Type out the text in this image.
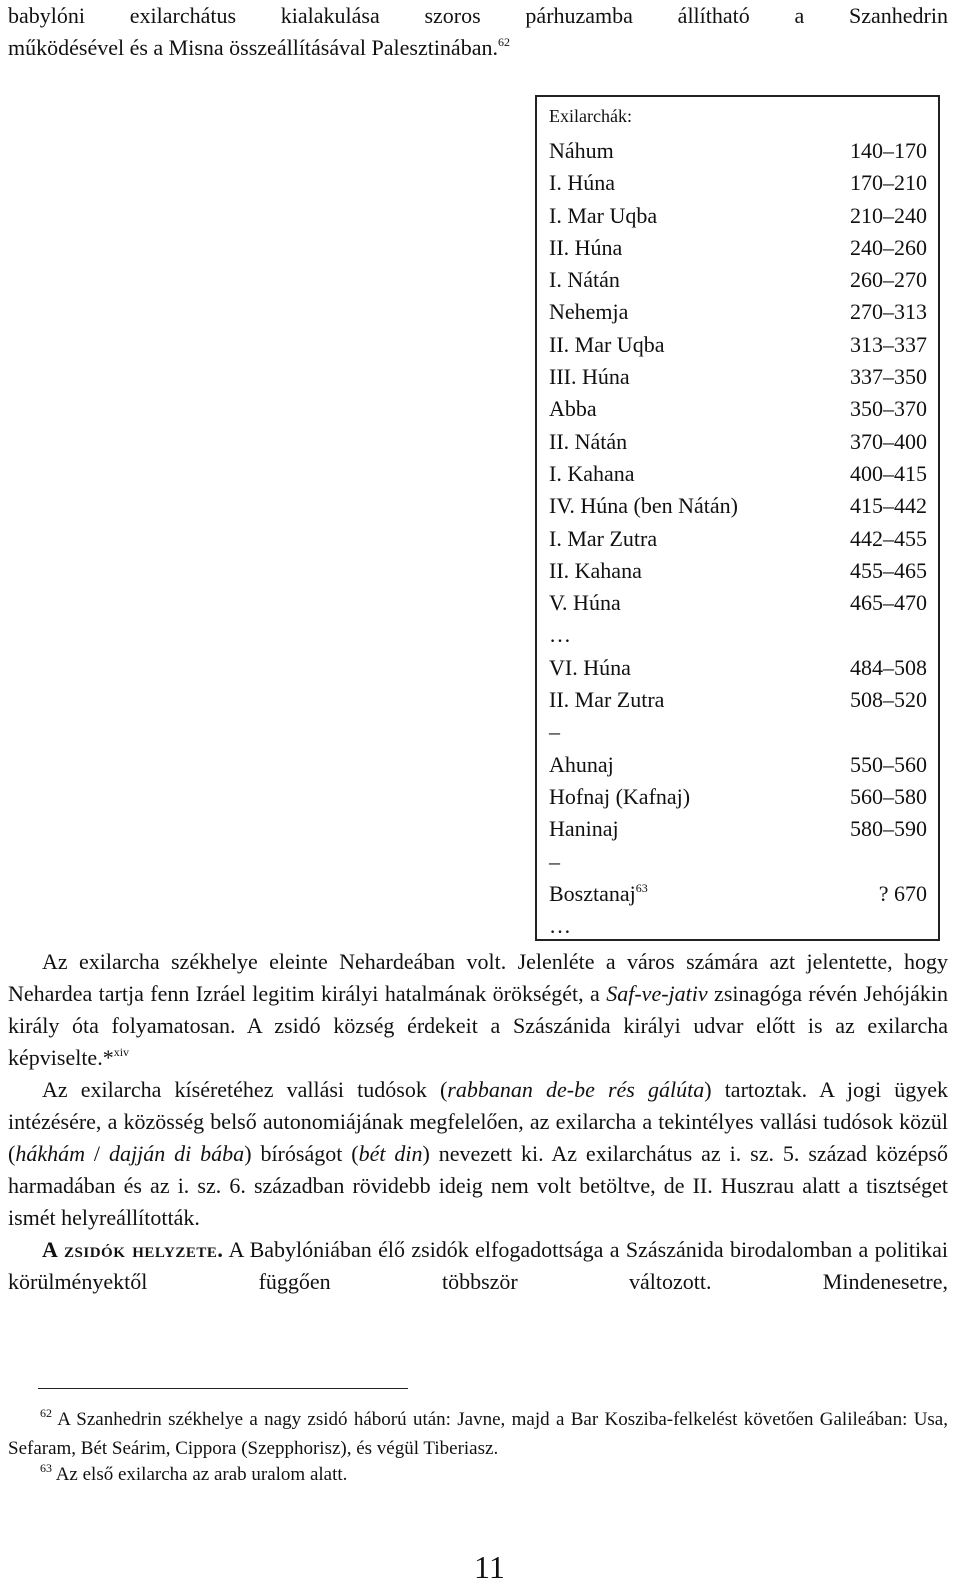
babylóni exilarchátus kialakulása szoros párhuzamba állítható a Szanhedrin
működésével és a Misna összeállításával Palesztinában.$^{62}$
Exilarchák:
Náhum	140–170
I. Húna	170–210
I. Mar Uqba	210–240
II. Húna	240–260
I. Nátán	260–270
Nehemja	270–313
II. Mar Uqba	313–337
III. Húna	337–350
Abba	350–370
II. Nátán	370–400
I. Kahana	400–415
IV. Húna (ben Nátán)	415–442
I. Mar Zutra	442–455
II. Kahana	455–465
V. Húna	465–470
…
VI. Húna	484–508
II. Mar Zutra	508–520
–
Ahunaj	550–560
Hofnaj (Kafnaj)	560–580
Haninaj	580–590
–
Bosztanaj$^{63}$	? 670
…

Az exilarcha székhelye eleinte Nehardeában volt. Jelenléte a város számára azt jelentette, hogy Nehardea tartja fenn Izráel legitim királyi hatalmának örökségét, a Saf-ve-jativ zsinagóga révén Jehójákin király óta folyamatosan. A zsidó község érdekeit a Szászánida királyi udvar előtt is az exilarcha képviselte.*$^{xiv}$

Az exilarcha kíséretéhez vallási tudósok (rabbanan de-be rés gálúta) tartoztak. A jogi ügyek intézésére, a közösség belső autonomiájának megfelelően, az exilarcha a tekintélyes vallási tudósok közül (hákhám / dajján di bába) bíróságot (bét din) nevezett ki. Az exilarchátus az i. sz. 5. század középső harmadában és az i. sz. 6. században rövidebb ideig nem volt betöltve, de II. Huszrau alatt a tisztséget ismét helyreállították.

A zsidók helyzete. A Babylóniában élő zsidók elfogadottsága a Szászánida birodalomban a politikai körülményektől függően többször változott. Mindenesetre,

$^{62}$ A Szanhedrin székhelye a nagy zsidó háború után: Javne, majd a Bar Kosziba-felkelést követően Galileában: Usa, Sefaram, Bét Seárim, Cippora (Szepphorisz), és végül Tiberiasz.

$^{63}$ Az első exilarcha az arab uralom alatt.

11
